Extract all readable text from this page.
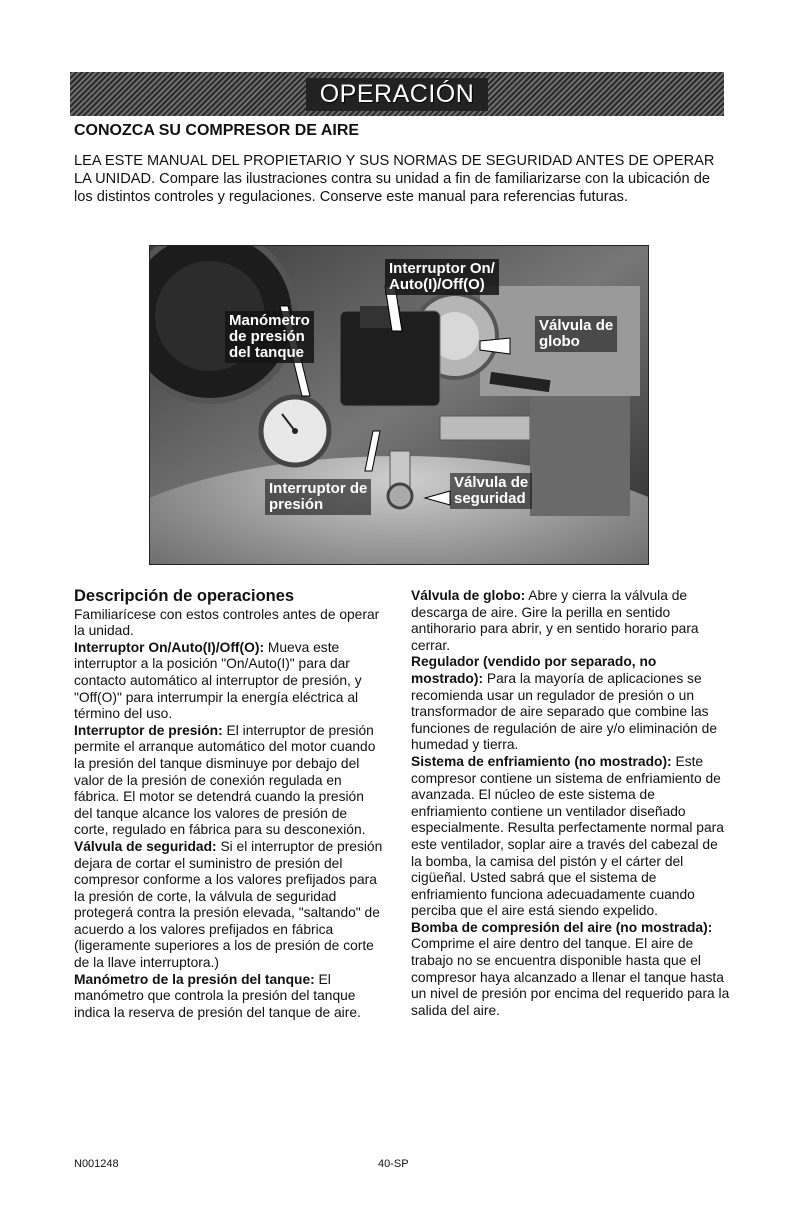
OPERACIÓN
CONOZCA SU COMPRESOR DE AIRE

LEA ESTE MANUAL DEL PROPIETARIO Y SUS NORMAS DE SEGURIDAD ANTES DE OPERAR LA UNIDAD. Compare las ilustraciones contra su unidad a fin de familiarizarse con la ubicación de los distintos controles y regulaciones. Conserve este manual para referencias futuras.

Interruptor On/
Auto(I)/Off(O)
Manómetro
de presión
del tanque
Válvula de
globo
Interruptor de
presión
Válvula de
seguridad
Descripción de operaciones

Familiarícese con estos controles antes de operar la unidad.

Interruptor On/Auto(I)/Off(O): Mueva este interruptor a la posición "On/Auto(I)" para dar contacto automático al interruptor de presión, y "Off(O)" para interrumpir la energía eléctrica al término del uso.

Interruptor de presión: El interruptor de presión permite el arranque automático del motor cuando la presión del tanque disminuye por debajo del valor de la presión de conexión regulada en fábrica. El motor se detendrá cuando la presión del tanque alcance los valores de presión de corte, regulado en fábrica para su desconexión.

Válvula de seguridad: Si el interruptor de presión dejara de cortar el suministro de presión del compresor conforme a los valores prefijados para la presión de corte, la válvula de seguridad protegerá contra la presión elevada, "saltando" de acuerdo a los valores prefijados en fábrica (ligeramente superiores a los de presión de corte de la llave interruptora.)

Manómetro de la presión del tanque: El manómetro que controla la presión del tanque indica la reserva de presión del tanque de aire.

Válvula de globo: Abre y cierra la válvula de descarga de aire. Gire la perilla en sentido antihorario para abrir, y en sentido horario para cerrar.

Regulador (vendido por separado, no mostrado): Para la mayoría de aplicaciones se recomienda usar un regulador de presión o un transformador de aire separado que combine las funciones de regulación de aire y/o eliminación de humedad y tierra.

Sistema de enfriamiento (no mostrado): Este compresor contiene un sistema de enfriamiento de avanzada. El núcleo de este sistema de enfriamiento contiene un ventilador diseñado especialmente. Resulta perfectamente normal para este ventilador, soplar aire a través del cabezal de la bomba, la camisa del pistón y el cárter del cigüeñal. Usted sabrá que el sistema de enfriamiento funciona adecuadamente cuando perciba que el aire está siendo expelido.

Bomba de compresión del aire (no mostrada): Comprime el aire dentro del tanque. El aire de trabajo no se encuentra disponible hasta que el compresor haya alcanzado a llenar el tanque hasta un nivel de presión por encima del requerido para la salida del aire.

N001248	40-SP
